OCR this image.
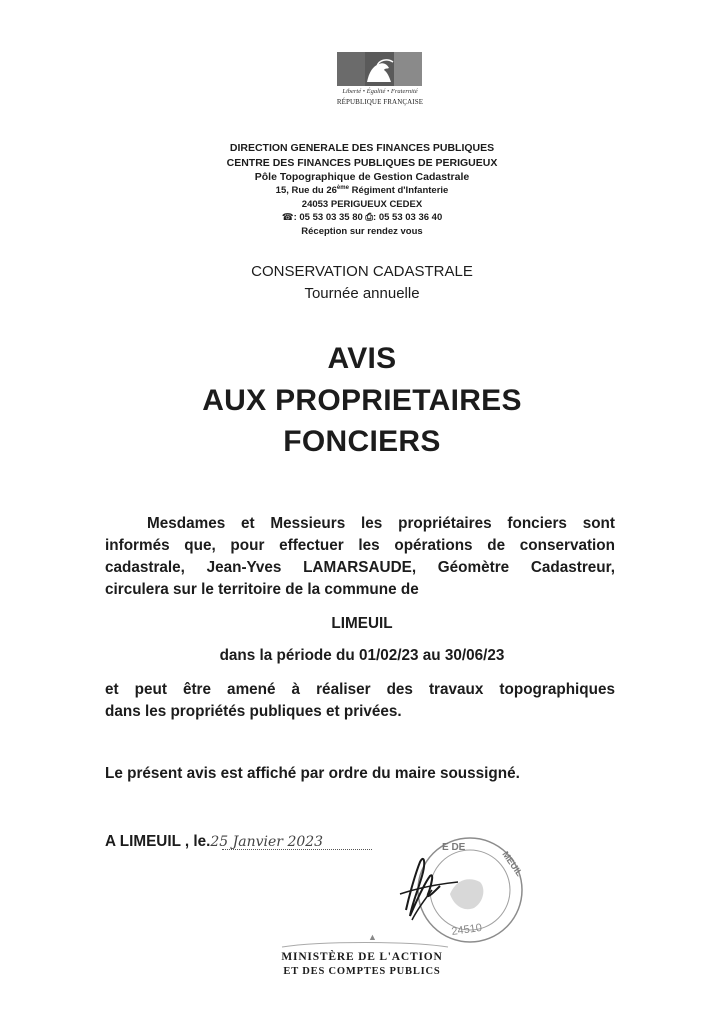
Liberté • Égalité • Fraternité
RÉPUBLIQUE FRANÇAISE
DIRECTION GENERALE DES FINANCES PUBLIQUES
CENTRE DES FINANCES PUBLIQUES DE PERIGUEUX
Pôle Topographique de Gestion Cadastrale
15, Rue du 26ème Régiment d'Infanterie
24053 PERIGUEUX CEDEX
☎: 05 53 03 35 80 ⎙: 05 53 03 36 40
Réception sur rendez vous
CONSERVATION CADASTRALE
Tournée annuelle
AVIS
AUX PROPRIETAIRES
FONCIERS
Mesdames et Messieurs les propriétaires fonciers sont
informés que, pour effectuer les opérations de conservation
cadastrale, Jean-Yves LAMARSAUDE, Géomètre Cadastreur,
circulera sur le territoire de la commune de
LIMEUIL
dans la période du 01/02/23 au 30/06/23
et peut être amené à réaliser des travaux topographiques
dans les propriétés publiques et privées.
Le présent avis est affiché par ordre du maire soussigné.
A LIMEUIL , le.25 Janvier 2023	E DE
MEUIL
24510
▲
MINISTÈRE DE L'ACTION
ET DES COMPTES PUBLICS
